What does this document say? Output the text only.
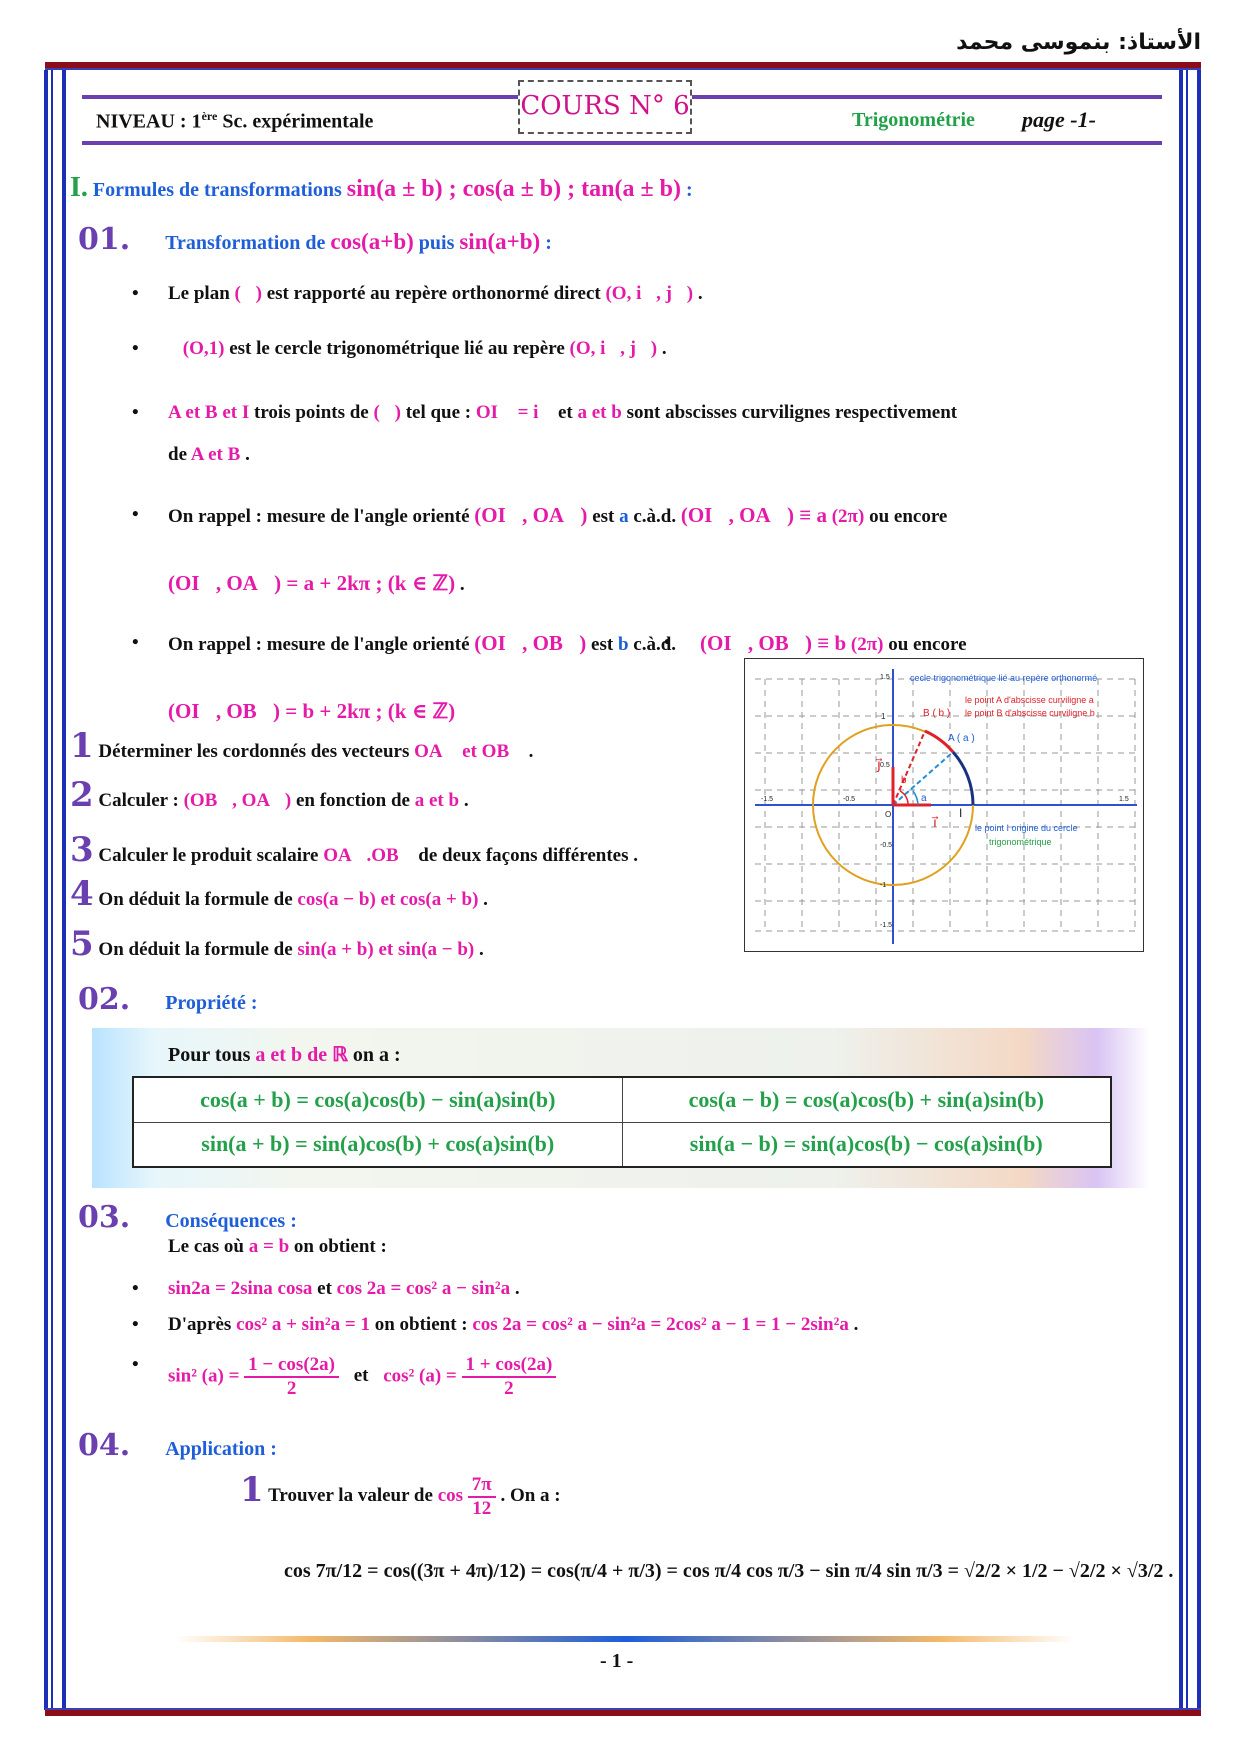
الأستاذ: بنموسى محمد
NIVEAU : 1ère Sc. expérimentale	Trigonométrie page -1-
COURS N° 6
I. Formules de transformations sin(a ± b) ; cos(a ± b) ; tan(a ± b) :
01. Transformation de cos(a+b) puis sin(a+b) :
• Le plan (𝒫) est rapporté au repère orthonormé direct (O, i⃗, j⃗) .
• 𝒞(O,1) est le cercle trigonométrique lié au repère (O, i⃗, j⃗) .
• A et B et I trois points de (𝒫) tel que : OI⃗ = i⃗ et a et b sont abscisses curvilignes respectivement
de A et B .
• On rappel : mesure de l'angle orienté (OI⃗, OA⃗) est a c.à.d. (OI⃗, OA⃗) ≡ a (2π) ou encore
(OI⃗, OA⃗) = a + 2kπ ; (k ∈ ℤ) .
• On rappel : mesure de l'angle orienté (OI⃗, OB⃗) est b c.à.d.
(OI⃗, OB⃗) = b + 2kπ ; (k ∈ ℤ)
• (OI⃗, OB⃗) ≡ b (2π) ou encore
1 Déterminer les cordonnés des vecteurs OA⃗ et OB⃗ .
2 Calculer : (OB⃗, OA⃗) en fonction de a et b .
3 Calculer le produit scalaire OA⃗.OB⃗ de deux façons différentes .
4 On déduit la formule de cos(a − b) et cos(a + b) .
5 On déduit la formule de sin(a + b) et sin(a − b) .
cecle trigonométrique lié au repère orthonormé
le point A d'abscisse curviligne a
le point B d'abscisse curviligne b
B ( b )
A ( a )
I
j⃗
i⃗
a
b
1
O
le point I origine du cercle
trigonométrique
1.5
0.5
-0.5
-1
-1.5
-1.5	-0.5	1.5
02. Propriété :
Pour tous a et b de ℝ on a :
cos(a + b) = cos(a)cos(b) − sin(a)sin(b)	cos(a − b) = cos(a)cos(b) + sin(a)sin(b)
sin(a + b) = sin(a)cos(b) + cos(a)sin(b)	sin(a − b) = sin(a)cos(b) − cos(a)sin(b)
03. Conséquences :
Le cas où a = b on obtient :
• sin2a = 2sina cosa et cos 2a = cos² a − sin²a .
• D'après cos² a + sin²a = 1 on obtient : cos 2a = cos² a − sin²a = 2cos² a − 1 = 1 − 2sin²a .
• sin² $(a) = \frac{1 - \cos(2a)}{2}$ et cos² $(a) = \frac{1 + \cos(2a)}{2}$
04. Application :
1 Trouver la valeur de $\cos \frac{7\pi}{12}$ . On a :
cos 7π/12 = cos((3π + 4π)/12) = cos(π/4 + π/3) = cos π/4 cos π/3 − sin π/4 sin π/3 = √2/2 × 1/2 − √2/2 × √3/2 .
- 1 -
